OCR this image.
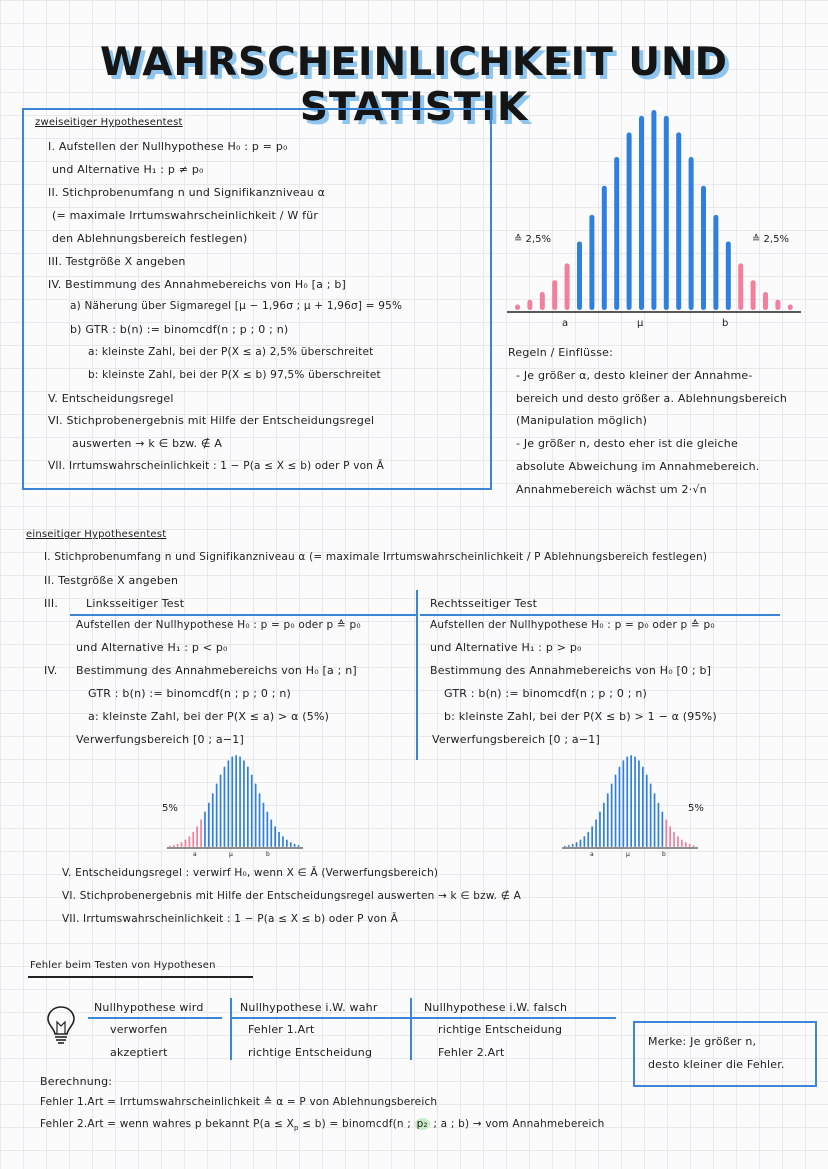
WAHRSCHEINLICHKEIT UND STATISTIK
zweiseitiger Hypothesentest
I. Aufstellen der Nullhypothese H₀ : p = p₀
und Alternative H₁ : p ≠ p₀
II. Stichprobenumfang n und Signifikanzniveau α
(= maximale Irrtumswahrscheinlichkeit / W für
den Ablehnungsbereich festlegen)
III. Testgröße X angeben
IV. Bestimmung des Annahmebereichs von H₀ [a ; b]
a) Näherung über Sigmaregel [μ − 1,96σ ; μ + 1,96σ] = 95%
b) GTR : b(n) := binomcdf(n ; p ; 0 ; n)
a: kleinste Zahl, bei der P(X ≤ a) 2,5% überschreitet
b: kleinste Zahl, bei der P(X ≤ b) 97,5% überschreitet
V. Entscheidungsregel
VI. Stichprobenergebnis mit Hilfe der Entscheidungsregel
auswerten → k ∈ bzw. ∉ A
VII. Irrtumswahrscheinlichkeit : 1 − P(a ≤ X ≤ b) oder P von Ā
≙ 2,5%	≙ 2,5%
a	μ	b
Regeln / Einflüsse:
- Je größer α, desto kleiner der Annahme-
bereich und desto größer a. Ablehnungsbereich
(Manipulation möglich)
- Je größer n, desto eher ist die gleiche
absolute Abweichung im Annahmebereich.
Annahmebereich wächst um 2·√n
einseitiger Hypothesentest
I. Stichprobenumfang n und Signifikanzniveau α (= maximale Irrtumswahrscheinlichkeit / P Ablehnungsbereich festlegen)
II. Testgröße X angeben
III.
IV.
Linksseitiger Test
Aufstellen der Nullhypothese H₀ : p = p₀ oder p ≙ p₀
und Alternative H₁ : p < p₀
Bestimmung des Annahmebereichs von H₀ [a ; n]
GTR : b(n) := binomcdf(n ; p ; 0 ; n)
a: kleinste Zahl, bei der P(X ≤ a) > α (5%)
Verwerfungsbereich [0 ; a−1]
Rechtsseitiger Test
Aufstellen der Nullhypothese H₀ : p = p₀ oder p ≙ p₀
und Alternative H₁ : p > p₀
Bestimmung des Annahmebereichs von H₀ [0 ; b]
GTR : b(n) := binomcdf(n ; p ; 0 ; n)
b: kleinste Zahl, bei der P(X ≤ b) > 1 − α (95%)
Verwerfungsbereich [0 ; a−1]
5%
a	μ	b
5%
a	μ	b
V. Entscheidungsregel : verwirf H₀, wenn X ∈ Ā (Verwerfungsbereich)
VI. Stichprobenergebnis mit Hilfe der Entscheidungsregel auswerten → k ∈ bzw. ∉ A
VII. Irrtumswahrscheinlichkeit : 1 − P(a ≤ X ≤ b) oder P von Ā
Fehler beim Testen von Hypothesen
Nullhypothese wird	Nullhypothese i.W. wahr	Nullhypothese i.W. falsch
verworfen	Fehler 1.Art	richtige Entscheidung
akzeptiert	richtige Entscheidung	Fehler 2.Art
Merke: Je größer n,
desto kleiner die Fehler.
Berechnung:
Fehler 1.Art = Irrtumswahrscheinlichkeit ≙ α = P von Ablehnungsbereich
Fehler 2.Art = wenn wahres p bekannt $P(a \le X_p \le b)$ = binomcdf(n ; p₂ ; a ; b) → vom Annahmebereich
